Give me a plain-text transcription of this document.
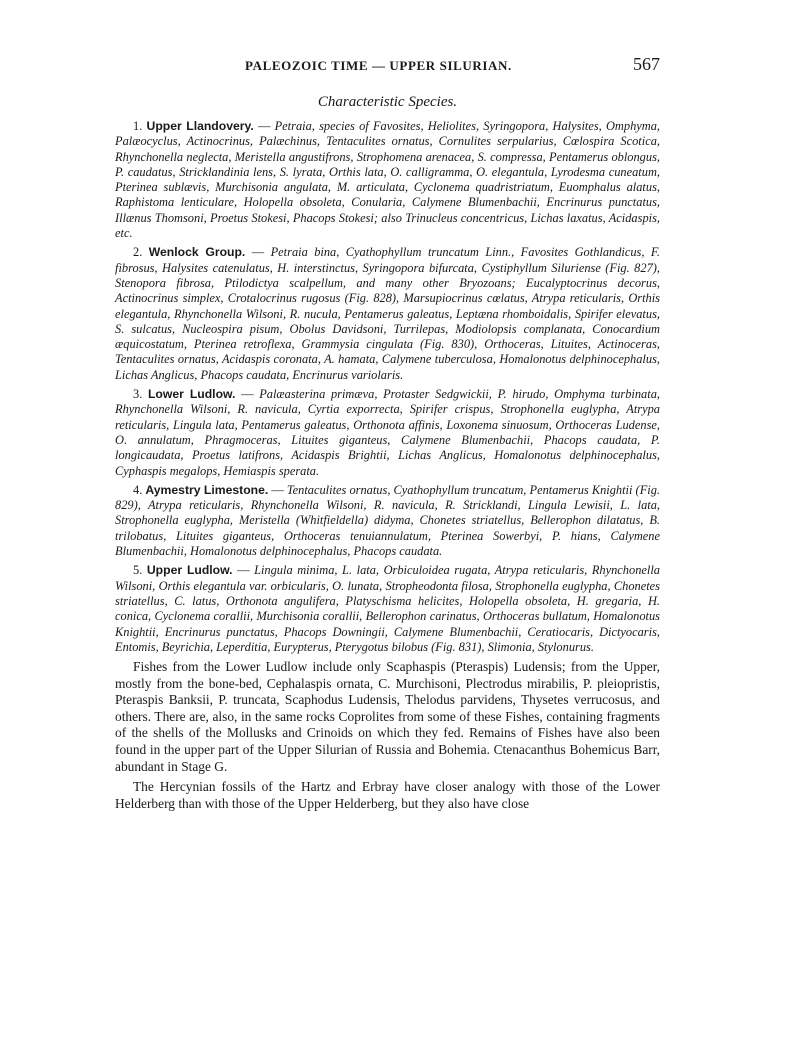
PALEOZOIC TIME — UPPER SILURIAN.	567
Characteristic Species.

1. Upper Llandovery. — Petraia, species of Favosites, Heliolites, Syringopora, Halysites, Omphyma, Palæocyclus, Actinocrinus, Palæchinus, Tentaculites ornatus, Cornulites serpularius, Cœlospira Scotica, Rhynchonella neglecta, Meristella angustifrons, Strophomena arenacea, S. compressa, Pentamerus oblongus, P. caudatus, Stricklandinia lens, S. lyrata, Orthis lata, O. calligramma, O. elegantula, Lyrodesma cuneatum, Pterinea sublævis, Murchisonia angulata, M. articulata, Cyclonema quadristriatum, Euomphalus alatus, Raphistoma lenticulare, Holopella obsoleta, Conularia, Calymene Blumenbachii, Encrinurus punctatus, Illænus Thomsoni, Proetus Stokesi, Phacops Stokesi; also Trinucleus concentricus, Lichas laxatus, Acidaspis, etc.

2. Wenlock Group. — Petraia bina, Cyathophyllum truncatum Linn., Favosites Gothlandicus, F. fibrosus, Halysites catenulatus, H. interstinctus, Syringopora bifurcata, Cystiphyllum Siluriense (Fig. 827), Stenopora fibrosa, Ptilodictya scalpellum, and many other Bryozoans; Eucalyptocrinus decorus, Actinocrinus simplex, Crotalocrinus rugosus (Fig. 828), Marsupiocrinus cœlatus, Atrypa reticularis, Orthis elegantula, Rhynchonella Wilsoni, R. nucula, Pentamerus galeatus, Leptæna rhomboidalis, Spirifer elevatus, S. sulcatus, Nucleospira pisum, Obolus Davidsoni, Turrilepas, Modiolopsis complanata, Conocardium æquicostatum, Pterinea retroflexa, Grammysia cingulata (Fig. 830), Orthoceras, Lituites, Actinoceras, Tentaculites ornatus, Acidaspis coronata, A. hamata, Calymene tuberculosa, Homalonotus delphinocephalus, Lichas Anglicus, Phacops caudata, Encrinurus variolaris.

3. Lower Ludlow. — Palæasterina primæva, Protaster Sedgwickii, P. hirudo, Omphyma turbinata, Rhynchonella Wilsoni, R. navicula, Cyrtia exporrecta, Spirifer crispus, Strophonella euglypha, Atrypa reticularis, Lingula lata, Pentamerus galeatus, Orthonota affinis, Loxonema sinuosum, Orthoceras Ludense, O. annulatum, Phragmoceras, Lituites giganteus, Calymene Blumenbachii, Phacops caudata, P. longicaudata, Proetus latifrons, Acidaspis Brightii, Lichas Anglicus, Homalonotus delphinocephalus, Cyphaspis megalops, Hemiaspis sperata.

4. Aymestry Limestone. — Tentaculites ornatus, Cyathophyllum truncatum, Pentamerus Knightii (Fig. 829), Atrypa reticularis, Rhynchonella Wilsoni, R. navicula, R. Stricklandi, Lingula Lewisii, L. lata, Strophonella euglypha, Meristella (Whitfieldella) didyma, Chonetes striatellus, Bellerophon dilatatus, B. trilobatus, Lituites giganteus, Orthoceras tenuiannulatum, Pterinea Sowerbyi, P. hians, Calymene Blumenbachii, Homalonotus delphinocephalus, Phacops caudata.

5. Upper Ludlow. — Lingula minima, L. lata, Orbiculoidea rugata, Atrypa reticularis, Rhynchonella Wilsoni, Orthis elegantula var. orbicularis, O. lunata, Stropheodonta filosa, Strophonella euglypha, Chonetes striatellus, C. latus, Orthonota angulifera, Platyschisma helicites, Holopella obsoleta, H. gregaria, H. conica, Cyclonema corallii, Murchisonia corallii, Bellerophon carinatus, Orthoceras bullatum, Homalonotus Knightii, Encrinurus punctatus, Phacops Downingii, Calymene Blumenbachii, Ceratiocaris, Dictyocaris, Entomis, Beyrichia, Leperditia, Eurypterus, Pterygotus bilobus (Fig. 831), Slimonia, Stylonurus.

Fishes from the Lower Ludlow include only Scaphaspis (Pteraspis) Ludensis; from the Upper, mostly from the bone-bed, Cephalaspis ornata, C. Murchisoni, Plectrodus mirabilis, P. pleiopristis, Pteraspis Banksii, P. truncata, Scaphodus Ludensis, Thelodus parvidens, Thysetes verrucosus, and others. There are, also, in the same rocks Coprolites from some of these Fishes, containing fragments of the shells of the Mollusks and Crinoids on which they fed. Remains of Fishes have also been found in the upper part of the Upper Silurian of Russia and Bohemia. Ctenacanthus Bohemicus Barr, abundant in Stage G.

The Hercynian fossils of the Hartz and Erbray have closer analogy with those of the Lower Helderberg than with those of the Upper Helderberg, but they also have close
